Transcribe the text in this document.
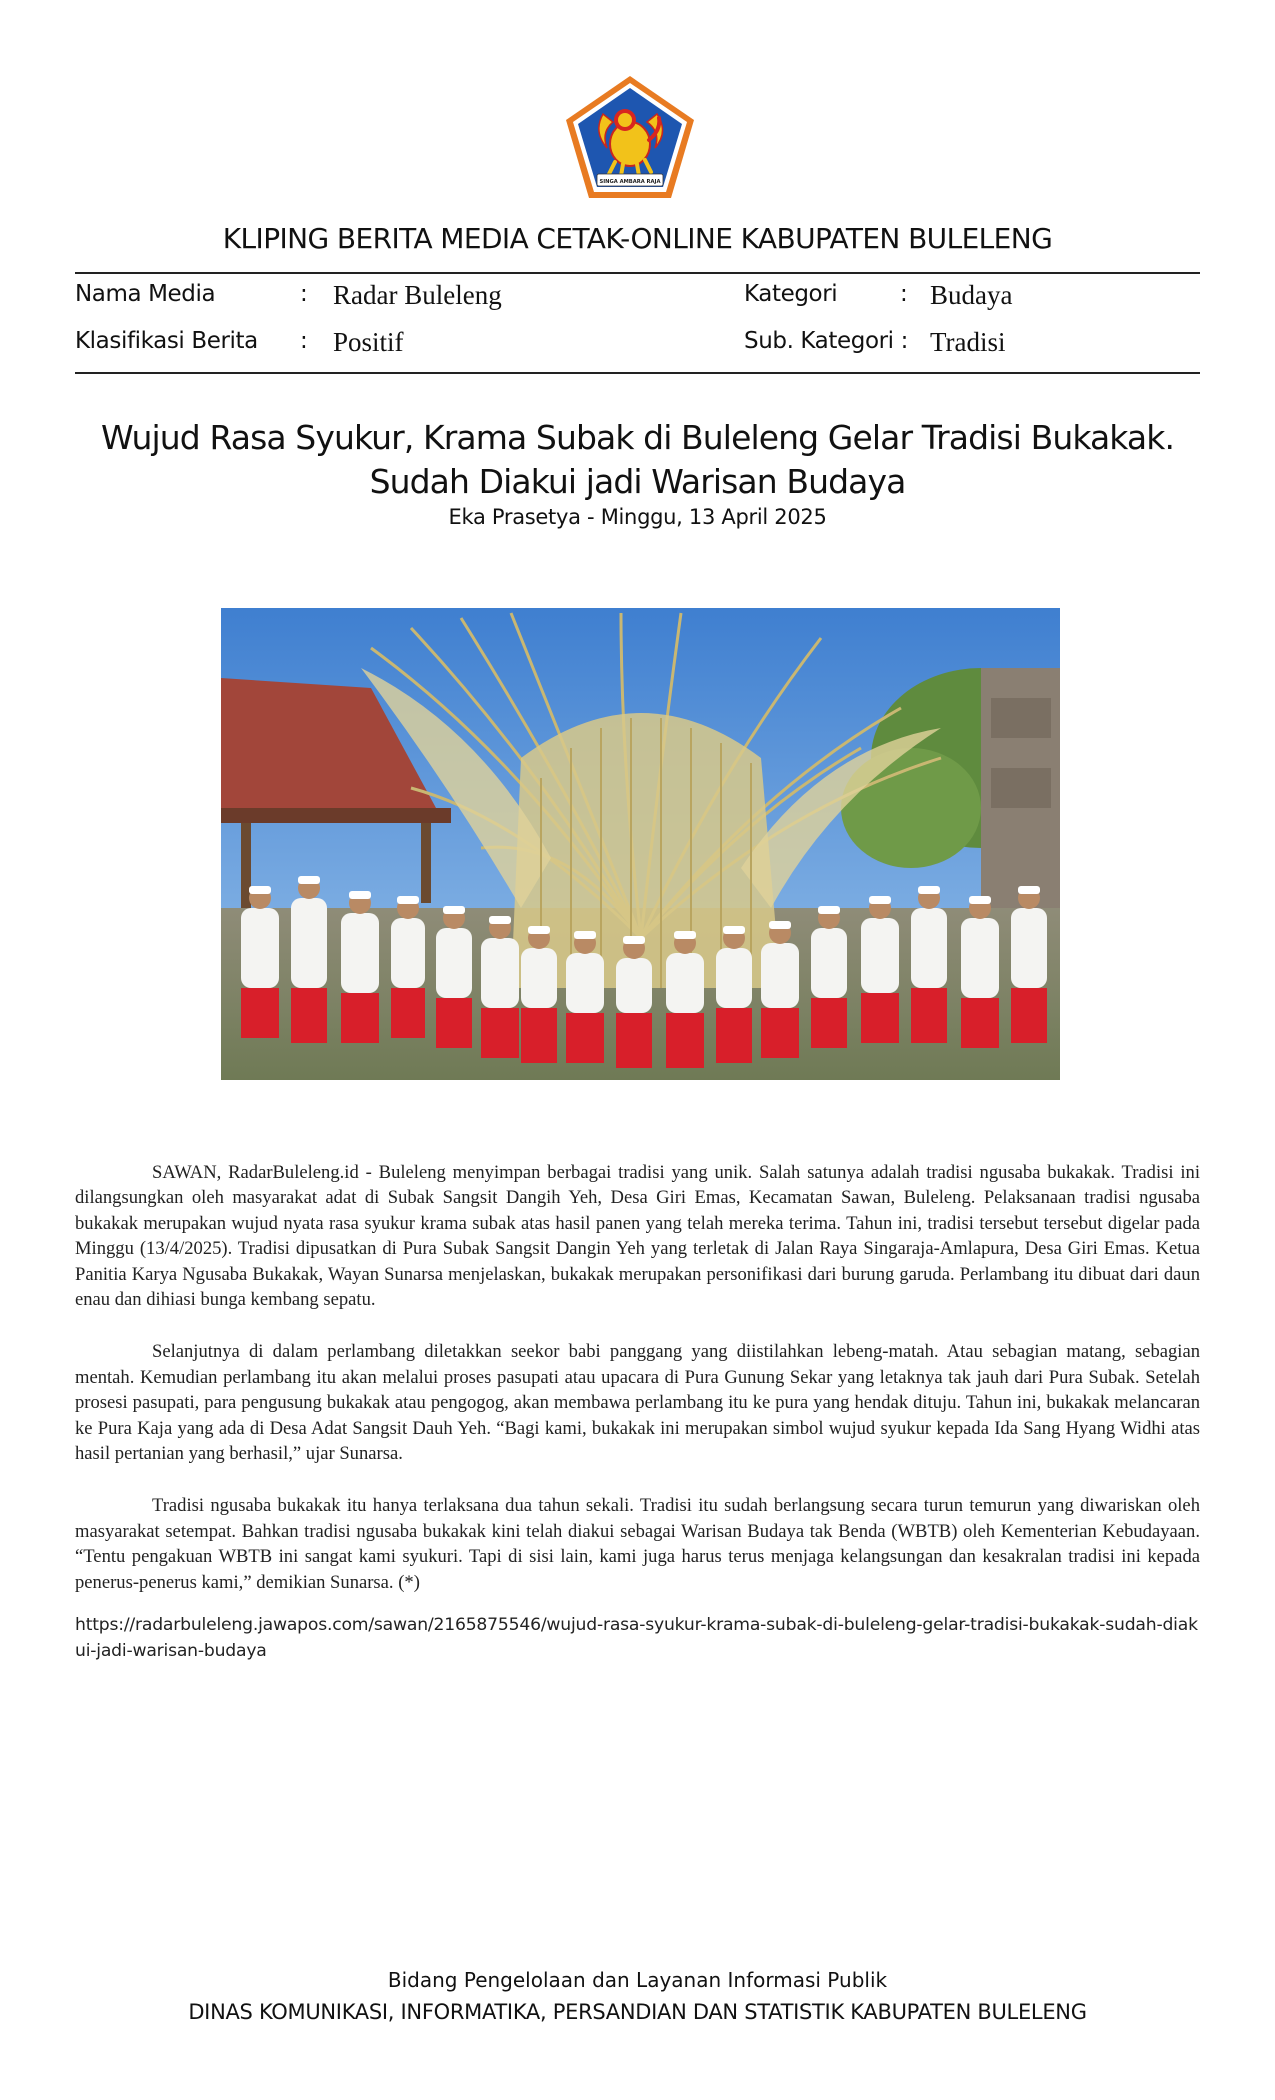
SINGA AMBARA RAJA
KLIPING BERITA MEDIA CETAK-ONLINE KABUPATEN BULELENG
Nama Media	: Radar Buleleng	Kategori	: Budaya
Klasifikasi Berita : Positif	Sub. Kategori : Tradisi
Wujud Rasa Syukur, Krama Subak di Buleleng Gelar Tradisi Bukakak.
Sudah Diakui jadi Warisan Budaya
Eka Prasetya - Minggu, 13 April 2025

SAWAN, RadarBuleleng.id - Buleleng menyimpan berbagai tradisi yang unik. Salah satunya adalah tradisi ngusaba bukakak. Tradisi ini dilangsungkan oleh masyarakat adat di Subak Sangsit Dangih Yeh, Desa Giri Emas, Kecamatan Sawan, Buleleng. Pelaksanaan tradisi ngusaba bukakak merupakan wujud nyata rasa syukur krama subak atas hasil panen yang telah mereka terima. Tahun ini, tradisi tersebut tersebut digelar pada Minggu (13/4/2025). Tradisi dipusatkan di Pura Subak Sangsit Dangin Yeh yang terletak di Jalan Raya Singaraja-Amlapura, Desa Giri Emas. Ketua Panitia Karya Ngusaba Bukakak, Wayan Sunarsa menjelaskan, bukakak merupakan personifikasi dari burung garuda. Perlambang itu dibuat dari daun enau dan dihiasi bunga kembang sepatu.

Selanjutnya di dalam perlambang diletakkan seekor babi panggang yang diistilahkan lebeng-matah. Atau sebagian matang, sebagian mentah. Kemudian perlambang itu akan melalui proses pasupati atau upacara di Pura Gunung Sekar yang letaknya tak jauh dari Pura Subak. Setelah prosesi pasupati, para pengusung bukakak atau pengogog, akan membawa perlambang itu ke pura yang hendak dituju. Tahun ini, bukakak melancaran ke Pura Kaja yang ada di Desa Adat Sangsit Dauh Yeh. “Bagi kami, bukakak ini merupakan simbol wujud syukur kepada Ida Sang Hyang Widhi atas hasil pertanian yang berhasil,” ujar Sunarsa.

Tradisi ngusaba bukakak itu hanya terlaksana dua tahun sekali. Tradisi itu sudah berlangsung secara turun temurun yang diwariskan oleh masyarakat setempat. Bahkan tradisi ngusaba bukakak kini telah diakui sebagai Warisan Budaya tak Benda (WBTB) oleh Kementerian Kebudayaan. “Tentu pengakuan WBTB ini sangat kami syukuri. Tapi di sisi lain, kami juga harus terus menjaga kelangsungan dan kesakralan tradisi ini kepada penerus-penerus kami,” demikian Sunarsa. (*)

https://radarbuleleng.jawapos.com/sawan/2165875546/wujud-rasa-syukur-krama-subak-di-buleleng-gelar-tradisi-bukakak-sudah-diakui-jadi-warisan-budaya
Bidang Pengelolaan dan Layanan Informasi Publik
DINAS KOMUNIKASI, INFORMATIKA, PERSANDIAN DAN STATISTIK KABUPATEN BULELENG
